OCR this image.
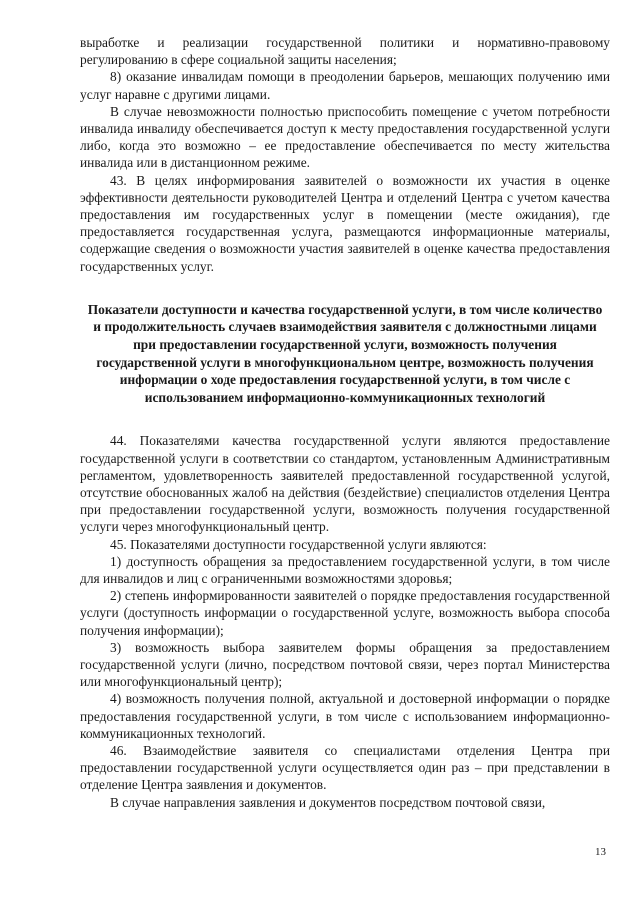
выработке и реализации государственной политики и нормативно-правовому регулированию в сфере социальной защиты населения;

8) оказание инвалидам помощи в преодолении барьеров, мешающих получению ими услуг наравне с другими лицами.

В случае невозможности полностью приспособить помещение с учетом потребности инвалида инвалиду обеспечивается доступ к месту предоставления государственной услуги либо, когда это возможно – ее предоставление обеспечивается по месту жительства инвалида или в дистанционном режиме.

43. В целях информирования заявителей о возможности их участия в оценке эффективности деятельности руководителей Центра и отделений Центра с учетом качества предоставления им государственных услуг в помещении (месте ожидания), где предоставляется государственная услуга, размещаются информационные материалы, содержащие сведения о возможности участия заявителей в оценке качества предоставления государственных услуг.

Показатели доступности и качества государственной услуги, в том числе количество и продолжительность случаев взаимодействия заявителя с должностными лицами при предоставлении государственной услуги, возможность получения государственной услуги в многофункциональном центре, возможность получения информации о ходе предоставления государственной услуги, в том числе с использованием информационно-коммуникационных технологий

44. Показателями качества государственной услуги являются предоставление государственной услуги в соответствии со стандартом, установленным Административным регламентом, удовлетворенность заявителей предоставленной государственной услугой, отсутствие обоснованных жалоб на действия (бездействие) специалистов отделения Центра при предоставлении государственной услуги, возможность получения государственной услуги через многофункциональный центр.

45. Показателями доступности государственной услуги являются:

1) доступность обращения за предоставлением государственной услуги, в том числе для инвалидов и лиц с ограниченными возможностями здоровья;

2) степень информированности заявителей о порядке предоставления государственной услуги (доступность информации о государственной услуге, возможность выбора способа получения информации);

3) возможность выбора заявителем формы обращения за предоставлением государственной услуги (лично, посредством почтовой связи, через портал Министерства или многофункциональный центр);

4) возможность получения полной, актуальной и достоверной информации о порядке предоставления государственной услуги, в том числе с использованием информационно-коммуникационных технологий.

46. Взаимодействие заявителя со специалистами отделения Центра при предоставлении государственной услуги осуществляется один раз – при представлении в отделение Центра заявления и документов.

В случае направления заявления и документов посредством почтовой связи,

13
